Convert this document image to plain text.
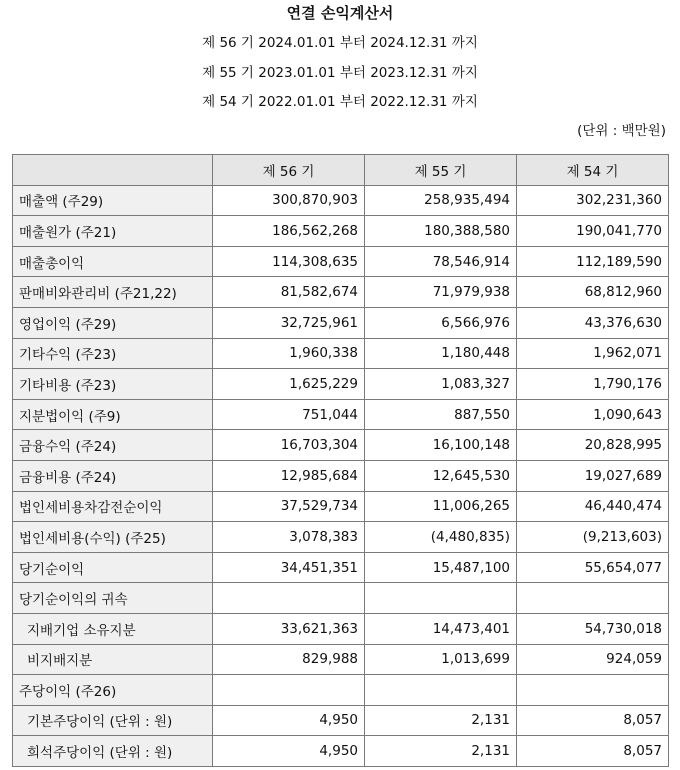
연결 손익계산서
제 56 기 2024.01.01 부터 2024.12.31 까지
제 55 기 2023.01.01 부터 2023.12.31 까지
제 54 기 2022.01.01 부터 2022.12.31 까지
(단위 : 백만원)
	제 56 기	제 55 기	제 54 기
매출액 (주29)	300,870,903	258,935,494	302,231,360
매출원가 (주21)	186,562,268	180,388,580	190,041,770
매출총이익	114,308,635	78,546,914	112,189,590
판매비와관리비 (주21,22)	81,582,674	71,979,938	68,812,960
영업이익 (주29)	32,725,961	6,566,976	43,376,630
기타수익 (주23)	1,960,338	1,180,448	1,962,071
기타비용 (주23)	1,625,229	1,083,327	1,790,176
지분법이익 (주9)	751,044	887,550	1,090,643
금융수익 (주24)	16,703,304	16,100,148	20,828,995
금융비용 (주24)	12,985,684	12,645,530	19,027,689
법인세비용차감전순이익	37,529,734	11,006,265	46,440,474
법인세비용(수익) (주25)	3,078,383	(4,480,835)	(9,213,603)
당기순이익	34,451,351	15,487,100	55,654,077
당기순이익의 귀속			
지배기업 소유지분	33,621,363	14,473,401	54,730,018
비지배지분	829,988	1,013,699	924,059
주당이익 (주26)			
기본주당이익 (단위 : 원)	4,950	2,131	8,057
희석주당이익 (단위 : 원)	4,950	2,131	8,057
